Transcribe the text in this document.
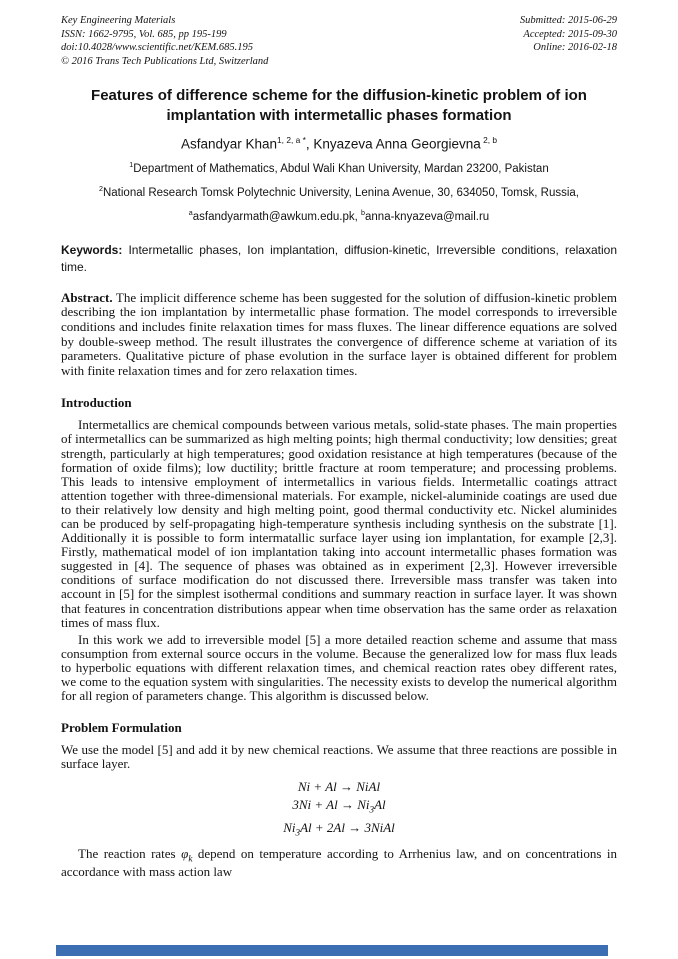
Key Engineering Materials
ISSN: 1662-9795, Vol. 685, pp 195-199
doi:10.4028/www.scientific.net/KEM.685.195
© 2016 Trans Tech Publications Ltd, Switzerland
Submitted: 2015-06-29
Accepted: 2015-09-30
Online: 2016-02-18
Features of difference scheme for the diffusion-kinetic problem of ion implantation with intermetallic phases formation
Asfandyar Khan$^{1, 2, a *}$, Knyazeva Anna Georgievna $^{2, b}$
$^1$Department of Mathematics, Abdul Wali Khan University, Mardan 23200, Pakistan
$^2$National Research Tomsk Polytechnic University, Lenina Avenue, 30, 634050, Tomsk, Russia,
$^a$asfandyarmath@awkum.edu.pk, $^b$anna-knyazeva@mail.ru

Keywords: Intermetallic phases, Ion implantation, diffusion-kinetic, Irreversible conditions, relaxation time.

Abstract. The implicit difference scheme has been suggested for the solution of diffusion-kinetic problem describing the ion implantation by intermetallic phase formation. The model corresponds to irreversible conditions and includes finite relaxation times for mass fluxes. The linear difference equations are solved by double-sweep method. The result illustrates the convergence of difference scheme at variation of its parameters. Qualitative picture of phase evolution in the surface layer is obtained different for problem with finite relaxation times and for zero relaxation times.

Introduction

Intermetallics are chemical compounds between various metals, solid-state phases. The main properties of intermetallics can be summarized as high melting points; high thermal conductivity; low densities; great strength, particularly at high temperatures; good oxidation resistance at high temperatures (because of the formation of oxide films); low ductility; brittle fracture at room temperature; and processing problems. This leads to intensive employment of intermetallics in various fields. Intermetallic coatings attract attention together with three-dimensional materials. For example, nickel-aluminide coatings are used due to their relatively low density and high melting point, good thermal conductivity etc. Nickel aluminides can be produced by self-propagating high-temperature synthesis including synthesis on the substrate [1]. Additionally it is possible to form intermatallic surface layer using ion implantation, for example [2,3]. Firstly, mathematical model of ion implantation taking into account intermetallic phases formation was suggested in [4]. The sequence of phases was obtained as in experiment [2,3]. However irreversible conditions of surface modification do not discussed there. Irreversible mass transfer was taken into account in [5] for the simplest isothermal conditions and summary reaction in surface layer. It was shown that features in concentration distributions appear when time observation has the same order as relaxation times of mass flux.

In this work we add to irreversible model [5] a more detailed reaction scheme and assume that mass consumption from external source occurs in the volume. Because the generalized low for mass flux leads to hyperbolic equations with different relaxation times, and chemical reaction rates obey different rates, we come to the equation system with singularities. The necessity exists to develop the numerical algorithm for all region of parameters change. This algorithm is discussed below.

Problem Formulation

We use the model [5] and add it by new chemical reactions. We assume that three reactions are possible in surface layer.

Ni + Al → NiAl
$3Ni + Al \to Ni_3Al$
$Ni_3Al + 2Al$ → 3NiAl

The reaction rates $\varphi_k$ depend on temperature according to Arrhenius law, and on concentrations in accordance with mass action law
